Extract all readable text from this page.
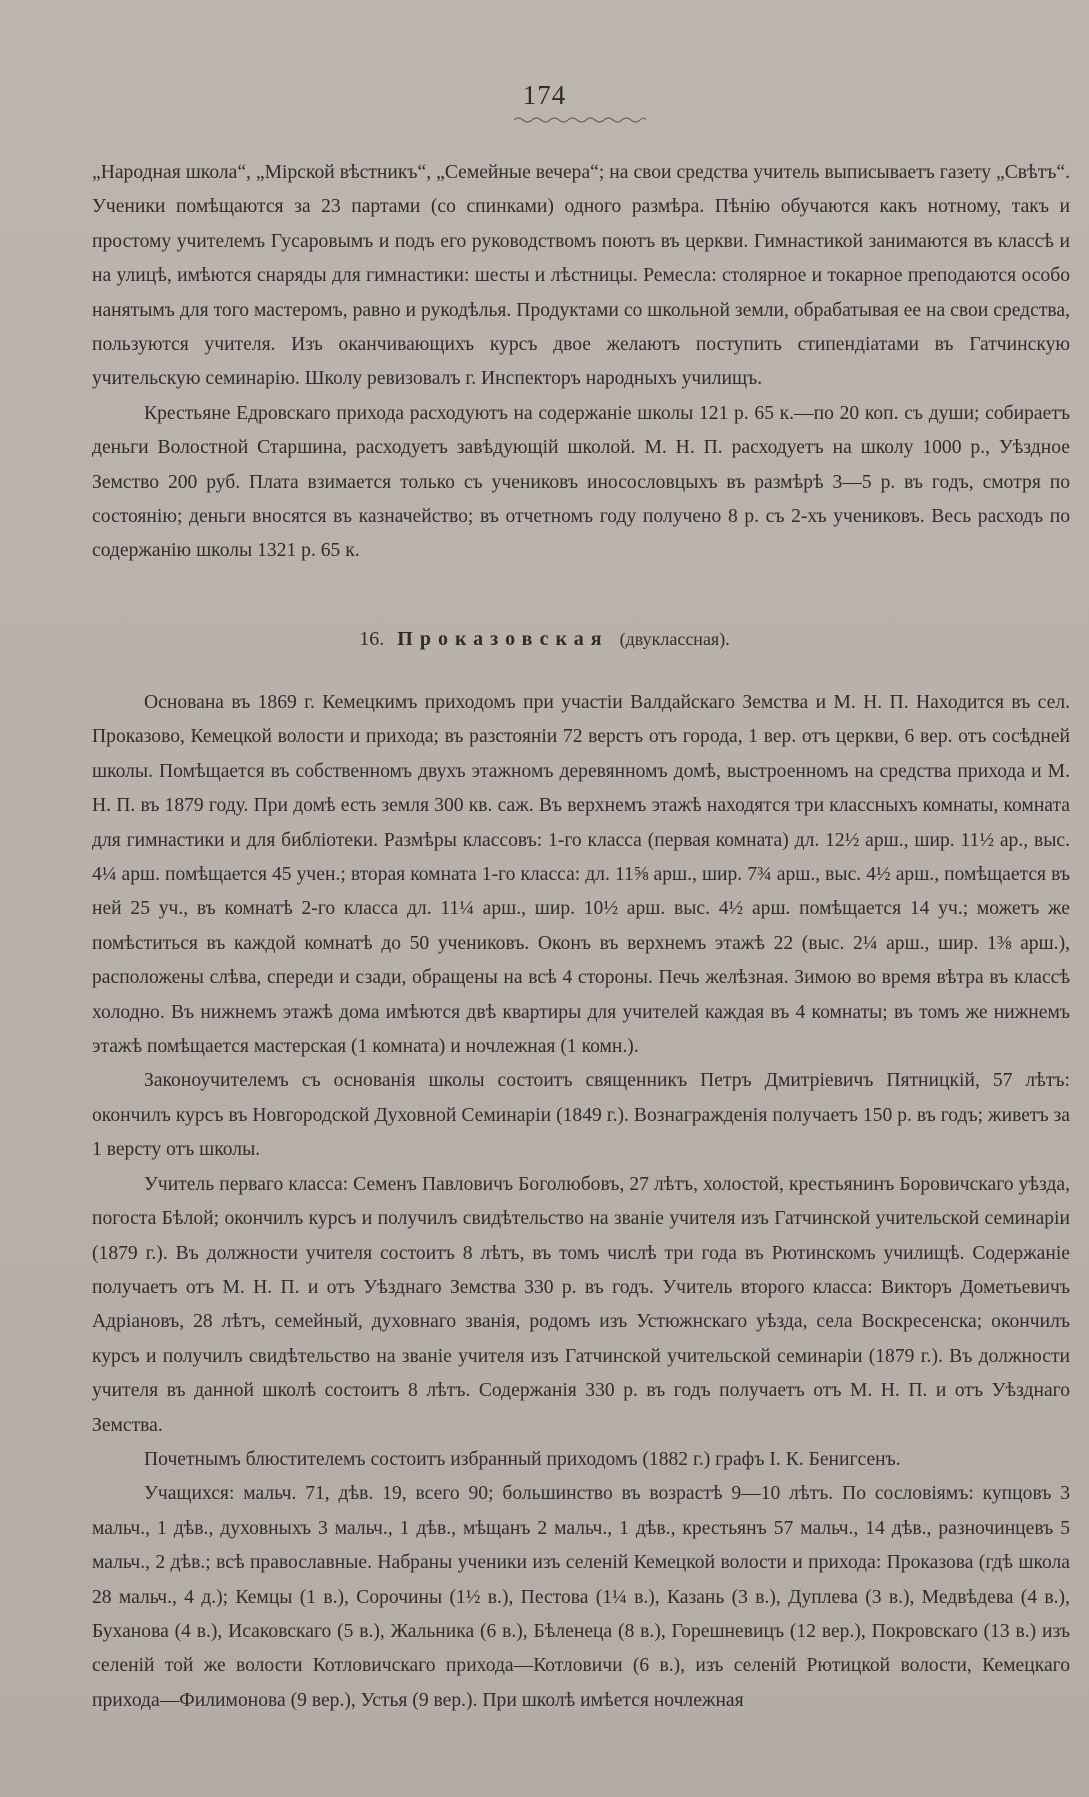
174

„Народная школа“, „Мірской вѣстникъ“, „Семейные вечера“; на свои средства учитель выписываетъ газету „Свѣтъ“. Ученики помѣщаются за 23 партами (со спинками) одного размѣра. Пѣнію обучаются какъ нотному, такъ и простому учителемъ Гусаровымъ и подъ его руководствомъ поютъ въ церкви. Гимнастикой занимаются въ классѣ и на улицѣ, имѣются снаряды для гимнастики: шесты и лѣстницы. Ремесла: столярное и токарное преподаются особо нанятымъ для того мастеромъ, равно и рукодѣлья. Продуктами со школьной земли, обрабатывая ее на свои средства, пользуются учителя. Изъ оканчивающихъ курсъ двое желаютъ поступить стипендіатами въ Гатчинскую учительскую семинарію. Школу ревизовалъ г. Инспекторъ народныхъ училищъ.

Крестьяне Едровскаго прихода расходуютъ на содержаніе школы 121 р. 65 к.—по 20 коп. съ души; собираетъ деньги Волостной Старшина, расходуетъ завѣдующій школой. М. Н. П. расходуетъ на школу 1000 р., Уѣздное Земство 200 руб. Плата взимается только съ учениковъ иносословцыхъ въ размѣрѣ 3—5 р. въ годъ, смотря по состоянію; деньги вносятся въ казначейство; въ отчетномъ году получено 8 р. съ 2-хъ учениковъ. Весь расходъ по содержанію школы 1321 р. 65 к.

16. Проказовская (двуклассная).

Основана въ 1869 г. Кемецкимъ приходомъ при участіи Валдайскаго Земства и М. Н. П. Находится въ сел. Проказово, Кемецкой волости и прихода; въ разстояніи 72 верстъ отъ города, 1 вер. отъ церкви, 6 вер. отъ сосѣдней школы. Помѣщается въ собственномъ двухъ этажномъ деревянномъ домѣ, выстроенномъ на средства прихода и М. Н. П. въ 1879 году. При домѣ есть земля 300 кв. саж. Въ верхнемъ этажѣ находятся три классныхъ комнаты, комната для гимнастики и для библіотеки. Размѣры классовъ: 1-го класса (первая комната) дл. 12½ арш., шир. 11½ ар., выс. 4¼ арш. помѣщается 45 учен.; вторая комната 1-го класса: дл. 11⅝ арш., шир. 7¾ арш., выс. 4½ арш., помѣщается въ ней 25 уч., въ комнатѣ 2-го класса дл. 11¼ арш., шир. 10½ арш. выс. 4½ арш. помѣщается 14 уч.; можетъ же помѣститься въ каждой комнатѣ до 50 учениковъ. Оконъ въ верхнемъ этажѣ 22 (выс. 2¼ арш., шир. 1⅜ арш.), расположены слѣва, спереди и сзади, обращены на всѣ 4 стороны. Печь желѣзная. Зимою во время вѣтра въ классѣ холодно. Въ нижнемъ этажѣ дома имѣются двѣ квартиры для учителей каждая въ 4 комнаты; въ томъ же нижнемъ этажѣ помѣщается мастерская (1 комната) и ночлежная (1 комн.).

Законоучителемъ съ основанія школы состоитъ священникъ Петръ Дмитріевичъ Пятницкій, 57 лѣтъ: окончилъ курсъ въ Новгородской Духовной Семинаріи (1849 г.). Вознагражденія получаетъ 150 р. въ годъ; живетъ за 1 версту отъ школы.

Учитель перваго класса: Семенъ Павловичъ Боголюбовъ, 27 лѣтъ, холостой, крестьянинъ Боровичскаго уѣзда, погоста Бѣлой; окончилъ курсъ и получилъ свидѣтельство на званіе учителя изъ Гатчинской учительской семинаріи (1879 г.). Въ должности учителя состоитъ 8 лѣтъ, въ томъ числѣ три года въ Рютинскомъ училищѣ. Содержаніе получаетъ отъ М. Н. П. и отъ Уѣзднаго Земства 330 р. въ годъ. Учитель второго класса: Викторъ Дометьевичъ Адріановъ, 28 лѣтъ, семейный, духовнаго званія, родомъ изъ Устюжнскаго уѣзда, села Воскресенска; окончилъ курсъ и получилъ свидѣтельство на званіе учителя изъ Гатчинской учительской семинаріи (1879 г.). Въ должности учителя въ данной школѣ состоитъ 8 лѣтъ. Содержанія 330 р. въ годъ получаетъ отъ М. Н. П. и отъ Уѣзднаго Земства.

Почетнымъ блюстителемъ состоитъ избранный приходомъ (1882 г.) графъ І. К. Бенигсенъ.

Учащихся: мальч. 71, дѣв. 19, всего 90; большинство въ возрастѣ 9—10 лѣтъ. По сословіямъ: купцовъ 3 мальч., 1 дѣв., духовныхъ 3 мальч., 1 дѣв., мѣщанъ 2 мальч., 1 дѣв., крестьянъ 57 мальч., 14 дѣв., разночинцевъ 5 мальч., 2 дѣв.; всѣ православные. Набраны ученики изъ селеній Кемецкой волости и прихода: Проказова (гдѣ школа 28 мальч., 4 д.); Кемцы (1 в.), Сорочины (1½ в.), Пестова (1¼ в.), Казань (3 в.), Дуплева (3 в.), Медвѣдева (4 в.), Буханова (4 в.), Исаковскаго (5 в.), Жальника (6 в.), Бѣленеца (8 в.), Горешневицъ (12 вер.), Покровскаго (13 в.) изъ селеній той же волости Котловичскаго прихода—Котловичи (6 в.), изъ селеній Рютицкой волости, Кемецкаго прихода—Филимонова (9 вер.), Устья (9 вер.). При школѣ имѣется ночлежная
